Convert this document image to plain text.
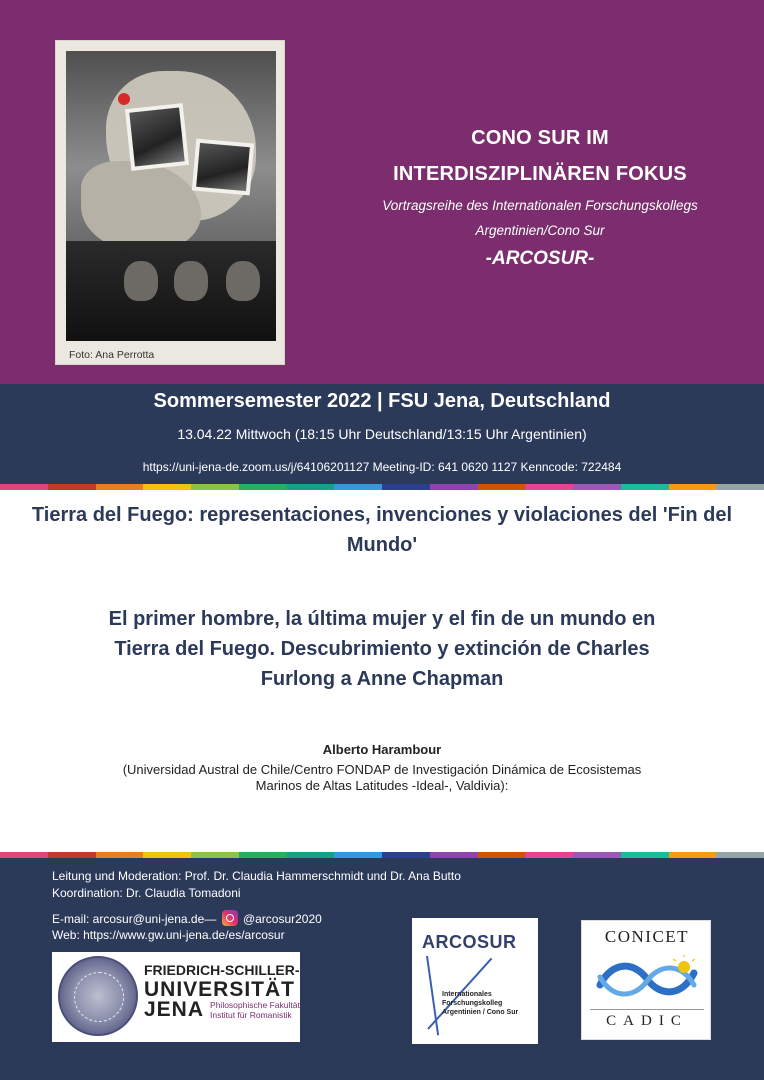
Foto: Ana Perrotta
CONO SUR IM
INTERDISZIPLINÄREN FOKUS
Vortragsreihe des Internationalen Forschungskollegs
Argentinien/Cono Sur
-ARCOSUR-
Sommersemester 2022 | FSU Jena, Deutschland
13.04.22 Mittwoch (18:15 Uhr Deutschland/13:15 Uhr Argentinien)
https://uni-jena-de.zoom.us/j/64106201127 Meeting-ID: 641 0620 1127 Kenncode: 722484
Tierra del Fuego: representaciones, invenciones y violaciones del 'Fin del Mundo'
El primer hombre, la última mujer y el fin de un mundo en Tierra del Fuego. Descubrimiento y extinción de Charles Furlong a Anne Chapman
Alberto Harambour
(Universidad Austral de Chile/Centro FONDAP de Investigación Dinámica de Ecosistemas Marinos de Altas Latitudes -Ideal-, Valdivia):
Leitung und Moderation: Prof. Dr. Claudia Hammerschmidt und Dr. Ana Butto
Koordination: Dr. Claudia Tomadoni
E-mail: arcosur@uni-jena.de— @arcosur2020
Web: https://www.gw.uni-jena.de/es/arcosur
FRIEDRICH-SCHILLER-
UNIVERSITÄT
JENA Philosophische Fakultät
Institut für Romanistik
ARCOSUR
Internationales
Forschungskolleg
Argentinien / Cono Sur
CONICET
CADIC
